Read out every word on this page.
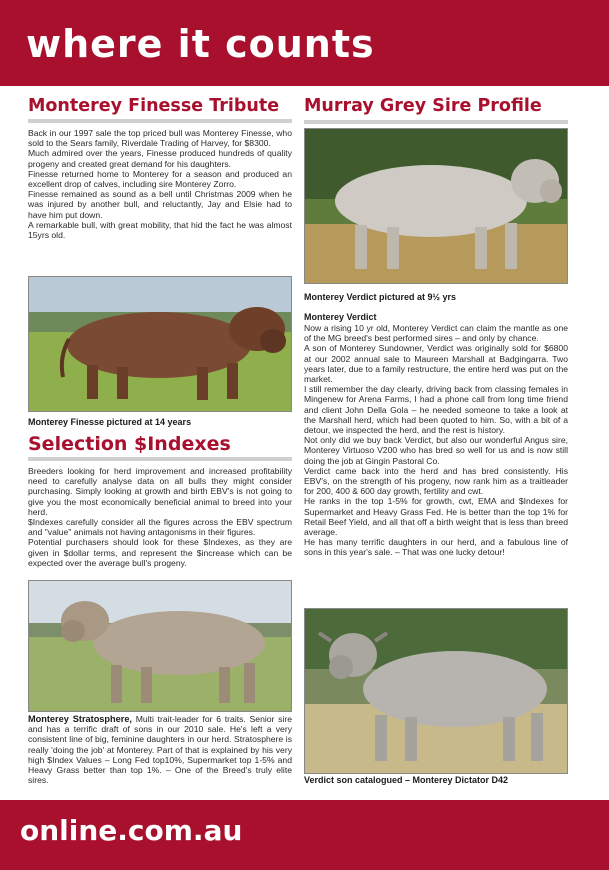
where it counts
Monterey Finesse Tribute

Back in our 1997 sale the top priced bull was Monterey Finesse, who sold to the Sears family, Riverdale Trading of Harvey, for $8300.

Much admired over the years, Finesse produced hundreds of quality progeny and created great demand for his daughters.

Finesse returned home to Monterey for a season and produced an excellent drop of calves, including sire Monterey Zorro.

Finesse remained as sound as a bell until Christmas 2009 when he was injured by another bull, and reluctantly, Jay and Elsie had to have him put down.

A remarkable bull, with great mobility, that hid the fact he was almost 15yrs old.

Monterey Finesse pictured at 14 years
Selection $Indexes

Breeders looking for herd improvement and increased profitability need to carefully analyse data on all bulls they might consider purchasing. Simply looking at growth and birth EBV's is not going to give you the most economically beneficial animal to breed into your herd.

$Indexes carefully consider all the figures across the EBV spectrum and "value" animals not having antagonisms in their figures.

Potential purchasers should look for these $Indexes, as they are given in $dollar terms, and represent the $increase which can be expected over the average bull's progeny.

Monterey Stratosphere, Multi trait-leader for 6 traits. Senior sire and has a terrific draft of sons in our 2010 sale. He's left a very consistent line of big, feminine daughters in our herd. Stratosphere is really 'doing the job' at Monterey. Part of that is explained by his very high $Index Values – Long Fed top10%, Supermarket top 1-5% and Heavy Grass better than top 1%. – One of the Breed's truly elite sires.

Murray Grey Sire Profile
Monterey Verdict pictured at 9½ yrs
Monterey Verdict

Now a rising 10 yr old, Monterey Verdict can claim the mantle as one of the MG breed's best performed sires – and only by chance.

A son of Monterey Sundowner, Verdict was originally sold for $6800 at our 2002 annual sale to Maureen Marshall at Badgingarra. Two years later, due to a family restructure, the entire herd was put on the market.

I still remember the day clearly, driving back from classing females in Mingenew for Arena Farms, I had a phone call from long time friend and client John Della Gola – he needed someone to take a look at the Marshall herd, which had been quoted to him. So, with a bit of a detour, we inspected the herd, and the rest is history.

Not only did we buy back Verdict, but also our wonderful Angus sire, Monterey Virtuoso V200 who has bred so well for us and is now still doing the job at Gingin Pastoral Co.

Verdict came back into the herd and has bred consistently. His EBV's, on the strength of his progeny, now rank him as a traitleader for 200, 400 & 600 day growth, fertility and cwt.

He ranks in the top 1-5% for growth, cwt, EMA and $Indexes for Supermarket and Heavy Grass Fed. He is better than the top 1% for Retail Beef Yield, and all that off a birth weight that is less than breed average.

He has many terrific daughters in our herd, and a fabulous line of sons in this year's sale. – That was one lucky detour!

Verdict son catalogued – Monterey Dictator D42
online.com.au
